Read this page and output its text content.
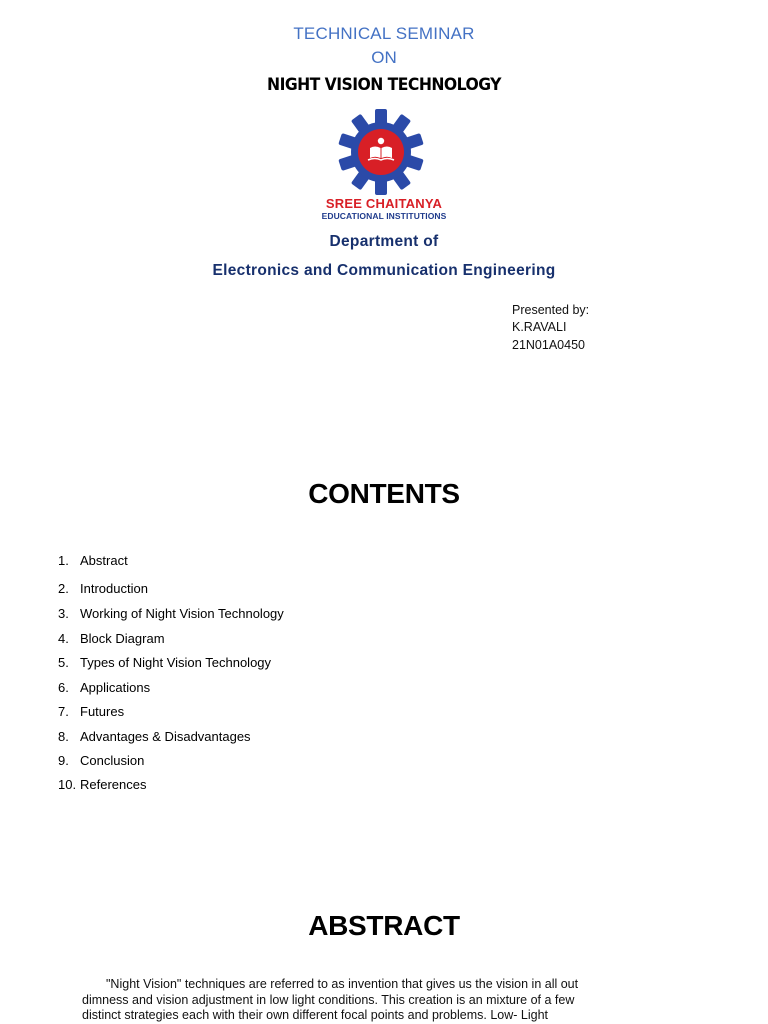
TECHNICAL SEMINAR
ON
NIGHT VISION TECHNOLOGY
SREE CHAITANYA
EDUCATIONAL INSTITUTIONS
Department of
Electronics and Communication Engineering
Presented by:
K.RAVALI
21N01A0450
CONTENTS
1. Abstract
2. Introduction
3. Working of Night Vision Technology
4. Block Diagram
5. Types of Night Vision Technology
6. Applications
7. Futures
8. Advantages & Disadvantages
9. Conclusion
10. References
ABSTRACT
"Night Vision" techniques are referred to as invention that gives us the vision in all out
dimness and vision adjustment in low light conditions. This creation is an mixture of a few
distinct strategies each with their own different focal points and problems. Low- Light
